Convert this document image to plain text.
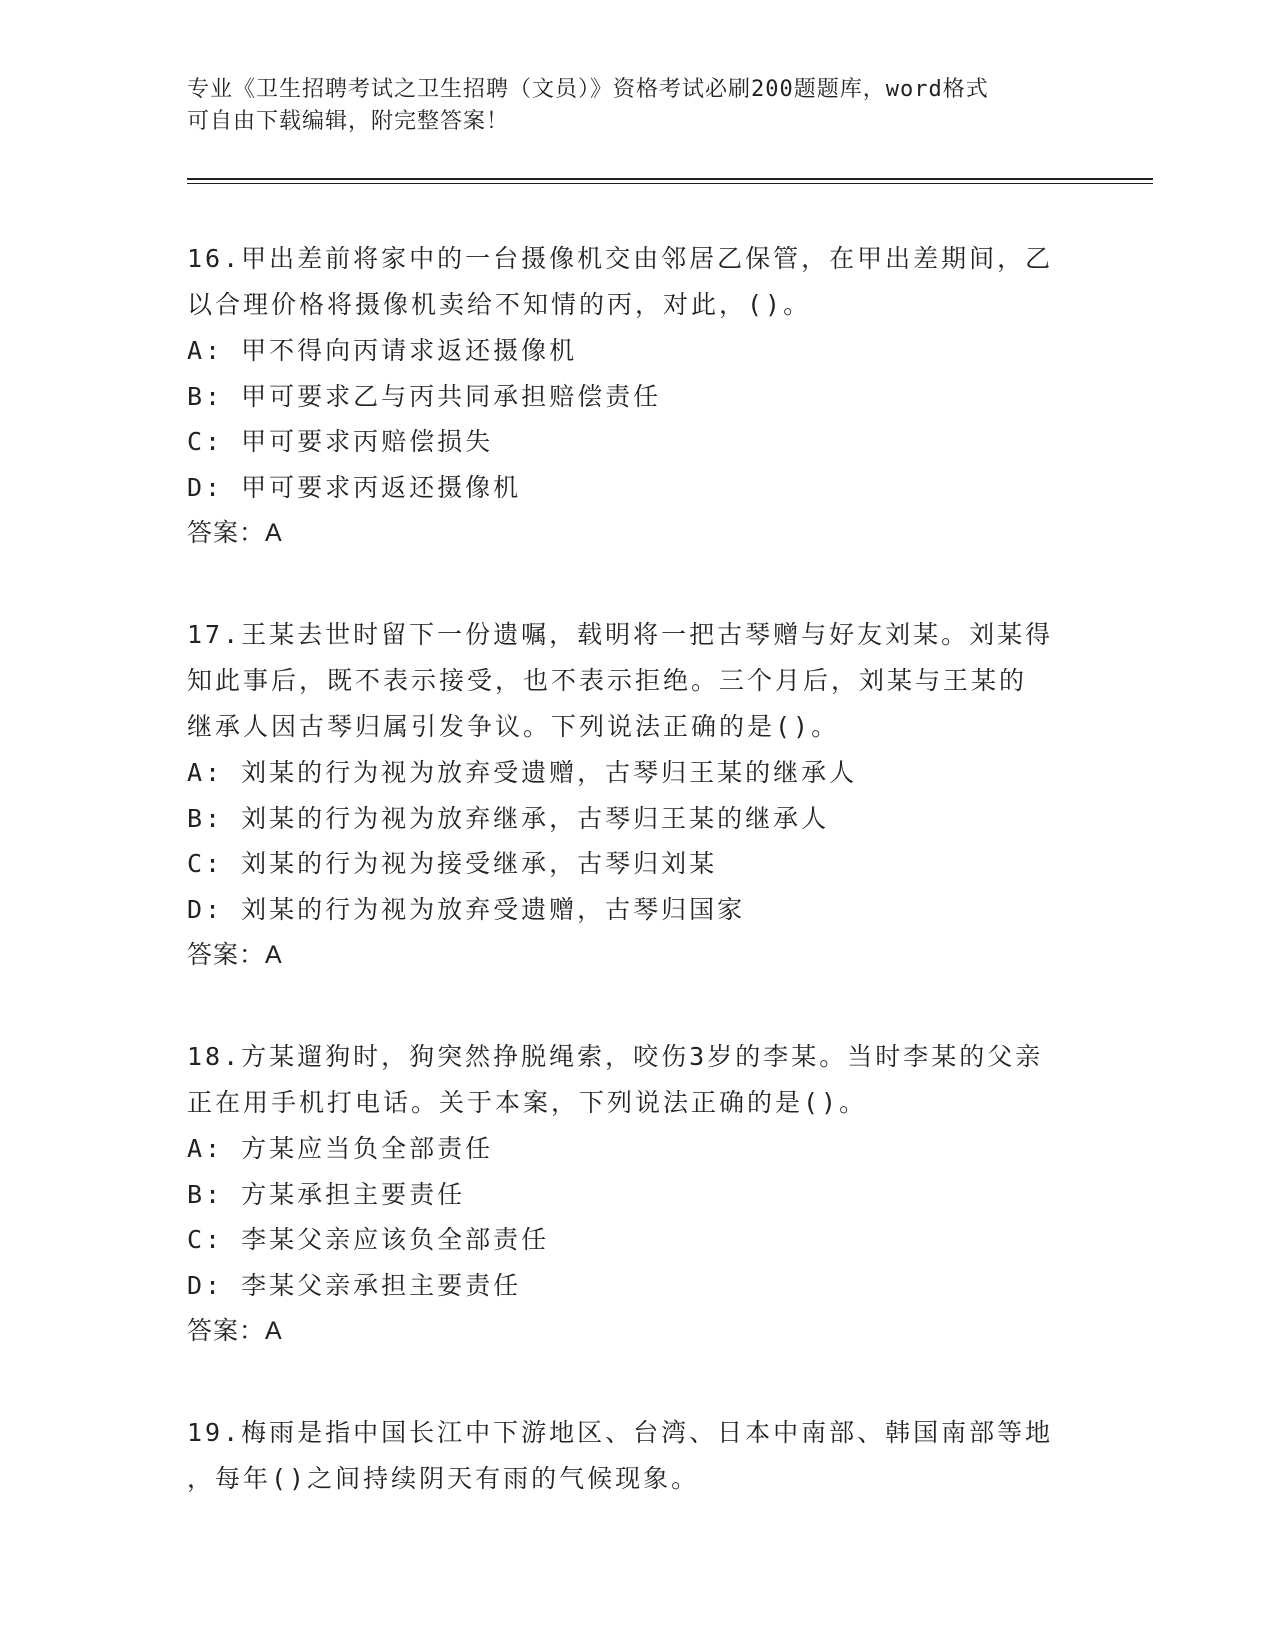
专业《卫生招聘考试之卫生招聘（文员）》资格考试必刷200题题库，word格式
可自由下载编辑，附完整答案！
16.甲出差前将家中的一台摄像机交由邻居乙保管，在甲出差期间，乙
以合理价格将摄像机卖给不知情的丙，对此，()。
A: 甲不得向丙请求返还摄像机
B: 甲可要求乙与丙共同承担赔偿责任
C: 甲可要求丙赔偿损失
D: 甲可要求丙返还摄像机
答案：A
17.王某去世时留下一份遗嘱，载明将一把古琴赠与好友刘某。刘某得
知此事后，既不表示接受，也不表示拒绝。三个月后，刘某与王某的
继承人因古琴归属引发争议。下列说法正确的是()。
A: 刘某的行为视为放弃受遗赠，古琴归王某的继承人
B: 刘某的行为视为放弃继承，古琴归王某的继承人
C: 刘某的行为视为接受继承，古琴归刘某
D: 刘某的行为视为放弃受遗赠，古琴归国家
答案：A
18.方某遛狗时，狗突然挣脱绳索，咬伤3岁的李某。当时李某的父亲
正在用手机打电话。关于本案，下列说法正确的是()。
A: 方某应当负全部责任
B: 方某承担主要责任
C: 李某父亲应该负全部责任
D: 李某父亲承担主要责任
答案：A
19.梅雨是指中国长江中下游地区、台湾、日本中南部、韩国南部等地
，每年()之间持续阴天有雨的气候现象。
